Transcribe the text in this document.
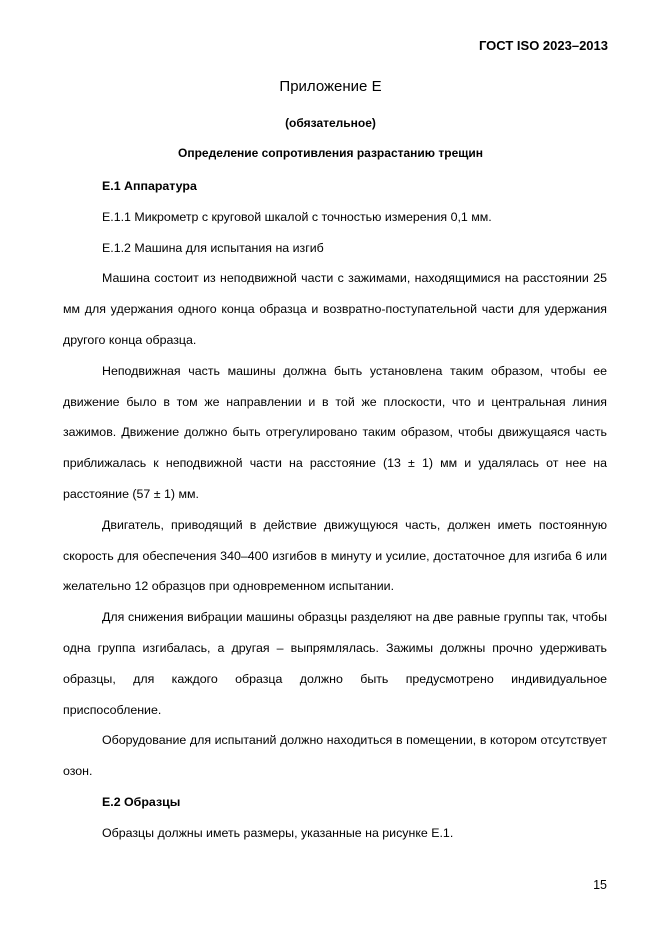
ГОСТ ISO 2023–2013
Приложение Е
(обязательное)
Определение сопротивления разрастанию трещин

Е.1 Аппаратура

Е.1.1 Микрометр с круговой шкалой с точностью измерения 0,1 мм.

Е.1.2 Машина для испытания на изгиб

Машина состоит из неподвижной части с зажимами, находящимися на расстоянии 25 мм для удержания одного конца образца и возвратно-поступательной части для удержания другого конца образца.

Неподвижная часть машины должна быть установлена таким образом, чтобы ее движение было в том же направлении и в той же плоскости, что и центральная линия зажимов. Движение должно быть отрегулировано таким образом, чтобы движущаяся часть приближалась к неподвижной части на расстояние (13 ± 1) мм и удалялась от нее на расстояние (57 ± 1) мм.

Двигатель, приводящий в действие движущуюся часть, должен иметь постоянную скорость для обеспечения 340–400 изгибов в минуту и усилие, достаточное для изгиба 6 или желательно 12 образцов при одновременном испытании.

Для снижения вибрации машины образцы разделяют на две равные группы так, чтобы одна группа изгибалась, а другая – выпрямлялась. Зажимы должны прочно удерживать образцы, для каждого образца должно быть предусмотрено индивидуальное приспособление.

Оборудование для испытаний должно находиться в помещении, в котором отсутствует озон.

Е.2 Образцы

Образцы должны иметь размеры, указанные на рисунке Е.1.

15
